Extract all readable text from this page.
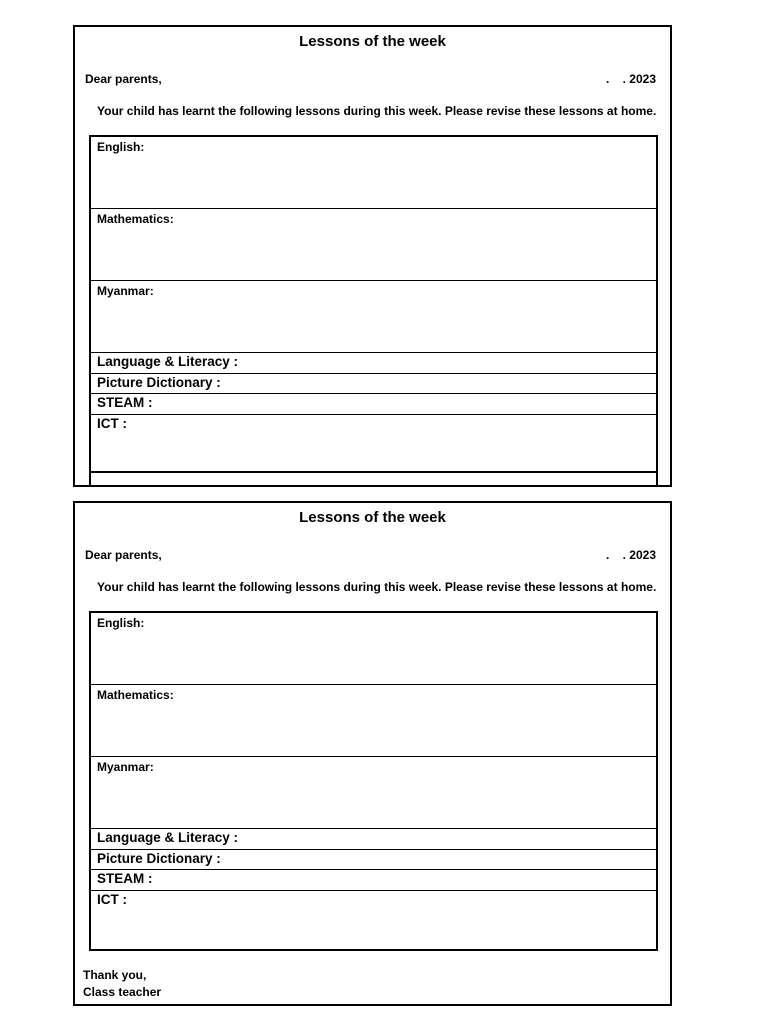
Lessons of the week
Dear parents,	.    . 2023
Your child has learnt the following lessons during this week. Please revise these lessons at home.
English:
Mathematics:
Myanmar:
Language & Literacy :
Picture Dictionary :
STEAM :
ICT :
Lessons of the week
Dear parents,	.    . 2023
Your child has learnt the following lessons during this week. Please revise these lessons at home.
English:
Mathematics:
Myanmar:
Language & Literacy :
Picture Dictionary :
STEAM :
ICT :
Thank you,
Class teacher
